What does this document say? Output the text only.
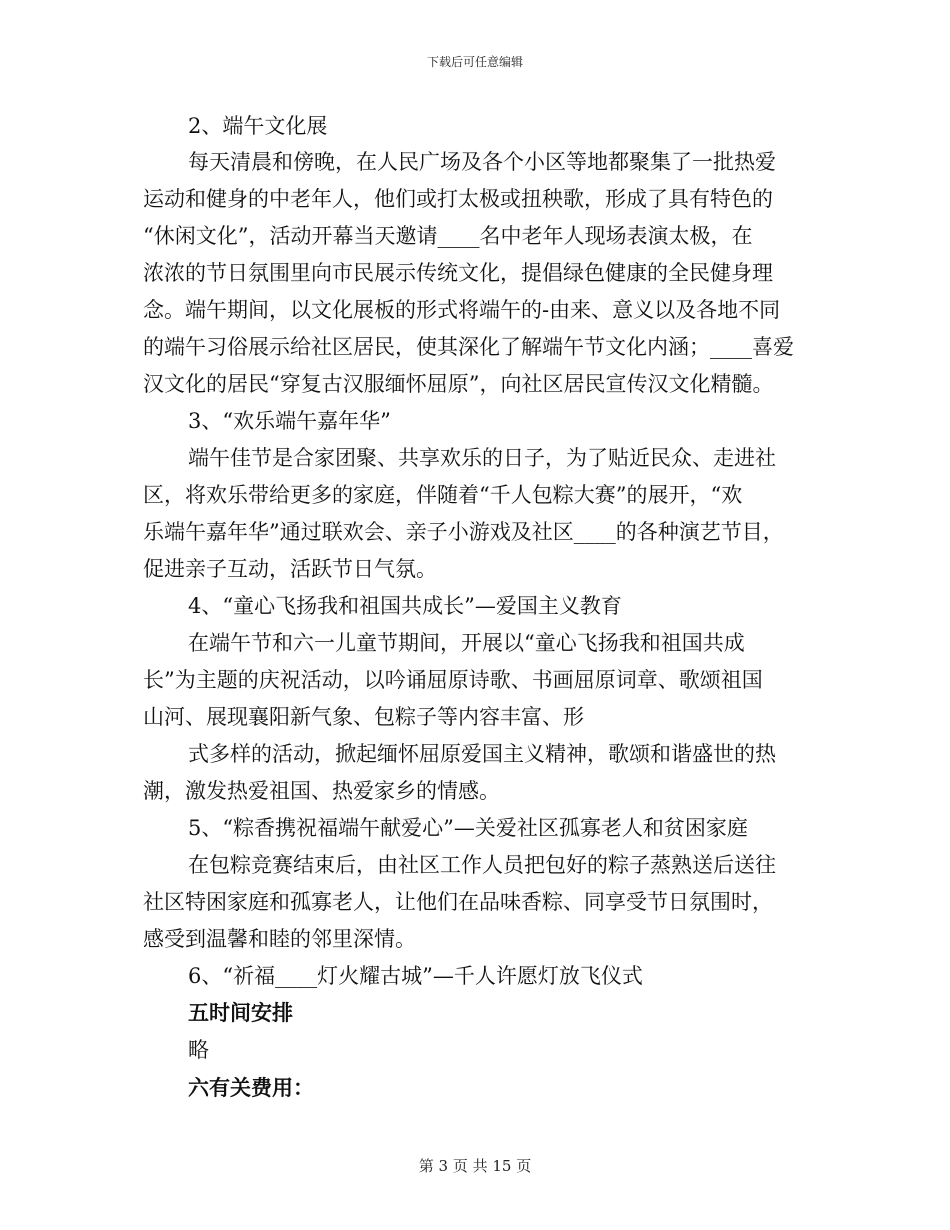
下载后可任意编辑
2、端午文化展
每天清晨和傍晚，在人民广场及各个小区等地都聚集了一批热爱
运动和健身的中老年人，他们或打太极或扭秧歌，形成了具有特色的
“休闲文化”，活动开幕当天邀请____名中老年人现场表演太极，在
浓浓的节日氛围里向市民展示传统文化，提倡绿色健康的全民健身理
念。端午期间，以文化展板的形式将端午的-由来、意义以及各地不同
的端午习俗展示给社区居民，使其深化了解端午节文化内涵；____喜爱
汉文化的居民“穿复古汉服缅怀屈原”，向社区居民宣传汉文化精髓。
3、“欢乐端午嘉年华”
端午佳节是合家团聚、共享欢乐的日子，为了贴近民众、走进社
区，将欢乐带给更多的家庭，伴随着“千人包粽大赛”的展开，“欢
乐端午嘉年华”通过联欢会、亲子小游戏及社区____的各种演艺节目，
促进亲子互动，活跃节日气氛。
4、“童心飞扬我和祖国共成长”—爱国主义教育
在端午节和六一儿童节期间，开展以“童心飞扬我和祖国共成
长”为主题的庆祝活动，以吟诵屈原诗歌、书画屈原词章、歌颂祖国
山河、展现襄阳新气象、包粽子等内容丰富、形
式多样的活动，掀起缅怀屈原爱国主义精神，歌颂和谐盛世的热
潮，激发热爱祖国、热爱家乡的情感。
5、“粽香携祝福端午献爱心”—关爱社区孤寡老人和贫困家庭
在包粽竞赛结束后，由社区工作人员把包好的粽子蒸熟送后送往
社区特困家庭和孤寡老人，让他们在品味香粽、同享受节日氛围时，
感受到温馨和睦的邻里深情。
6、“祈福____灯火耀古城”—千人许愿灯放飞仪式
五时间安排
略
六有关费用：
第 3 页 共 15 页
